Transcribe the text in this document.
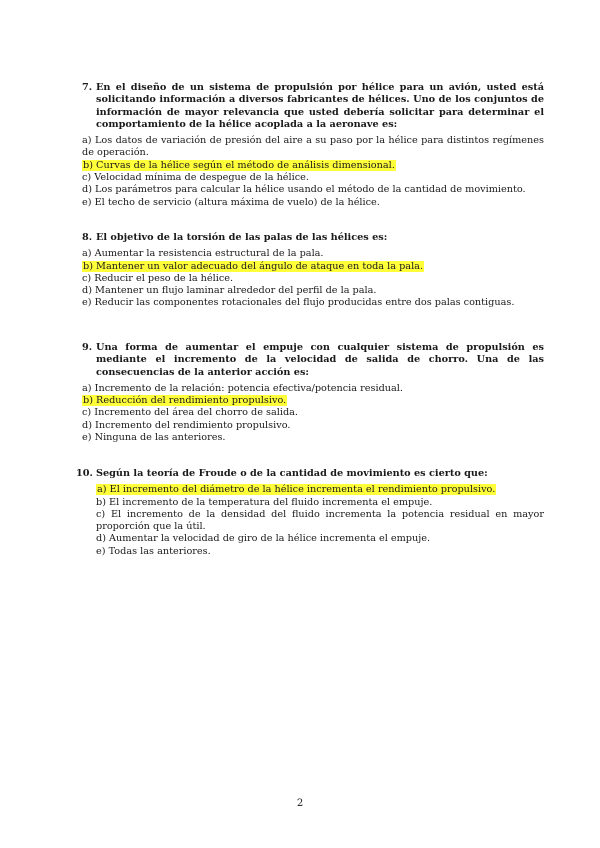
7. En el diseño de un sistema de propulsión por hélice para un avión, usted está solicitando información a diversos fabricantes de hélices. Uno de los conjuntos de información de mayor relevancia que usted debería solicitar para determinar el comportamiento de la hélice acoplada a la aeronave es:

a) Los datos de variación de presión del aire a su paso por la hélice para distintos regímenes de operación.

b) Curvas de la hélice según el método de análisis dimensional.

c) Velocidad mínima de despegue de la hélice.

d) Los parámetros para calcular la hélice usando el método de la cantidad de movimiento.

e) El techo de servicio (altura máxima de vuelo) de la hélice.

8. El objetivo de la torsión de las palas de las hélices es:

a) Aumentar la resistencia estructural de la pala.

b) Mantener un valor adecuado del ángulo de ataque en toda la pala.

c) Reducir el peso de la hélice.

d) Mantener un flujo laminar alrededor del perfil de la pala.

e) Reducir las componentes rotacionales del flujo producidas entre dos palas contiguas.

9. Una forma de aumentar el empuje con cualquier sistema de propulsión es mediante el incremento de la velocidad de salida de chorro. Una de las consecuencias de la anterior acción es:

a) Incremento de la relación: potencia efectiva/potencia residual.

b) Reducción del rendimiento propulsivo.

c) Incremento del área del chorro de salida.

d) Incremento del rendimiento propulsivo.

e) Ninguna de las anteriores.

10. Según la teoría de Froude o de la cantidad de movimiento es cierto que:

a) El incremento del diámetro de la hélice incrementa el rendimiento propulsivo.

b) El incremento de la temperatura del fluido incrementa el empuje.

c) El incremento de la densidad del fluido incrementa la potencia residual en mayor proporción que la útil.

d) Aumentar la velocidad de giro de la hélice incrementa el empuje.

e) Todas las anteriores.

2
